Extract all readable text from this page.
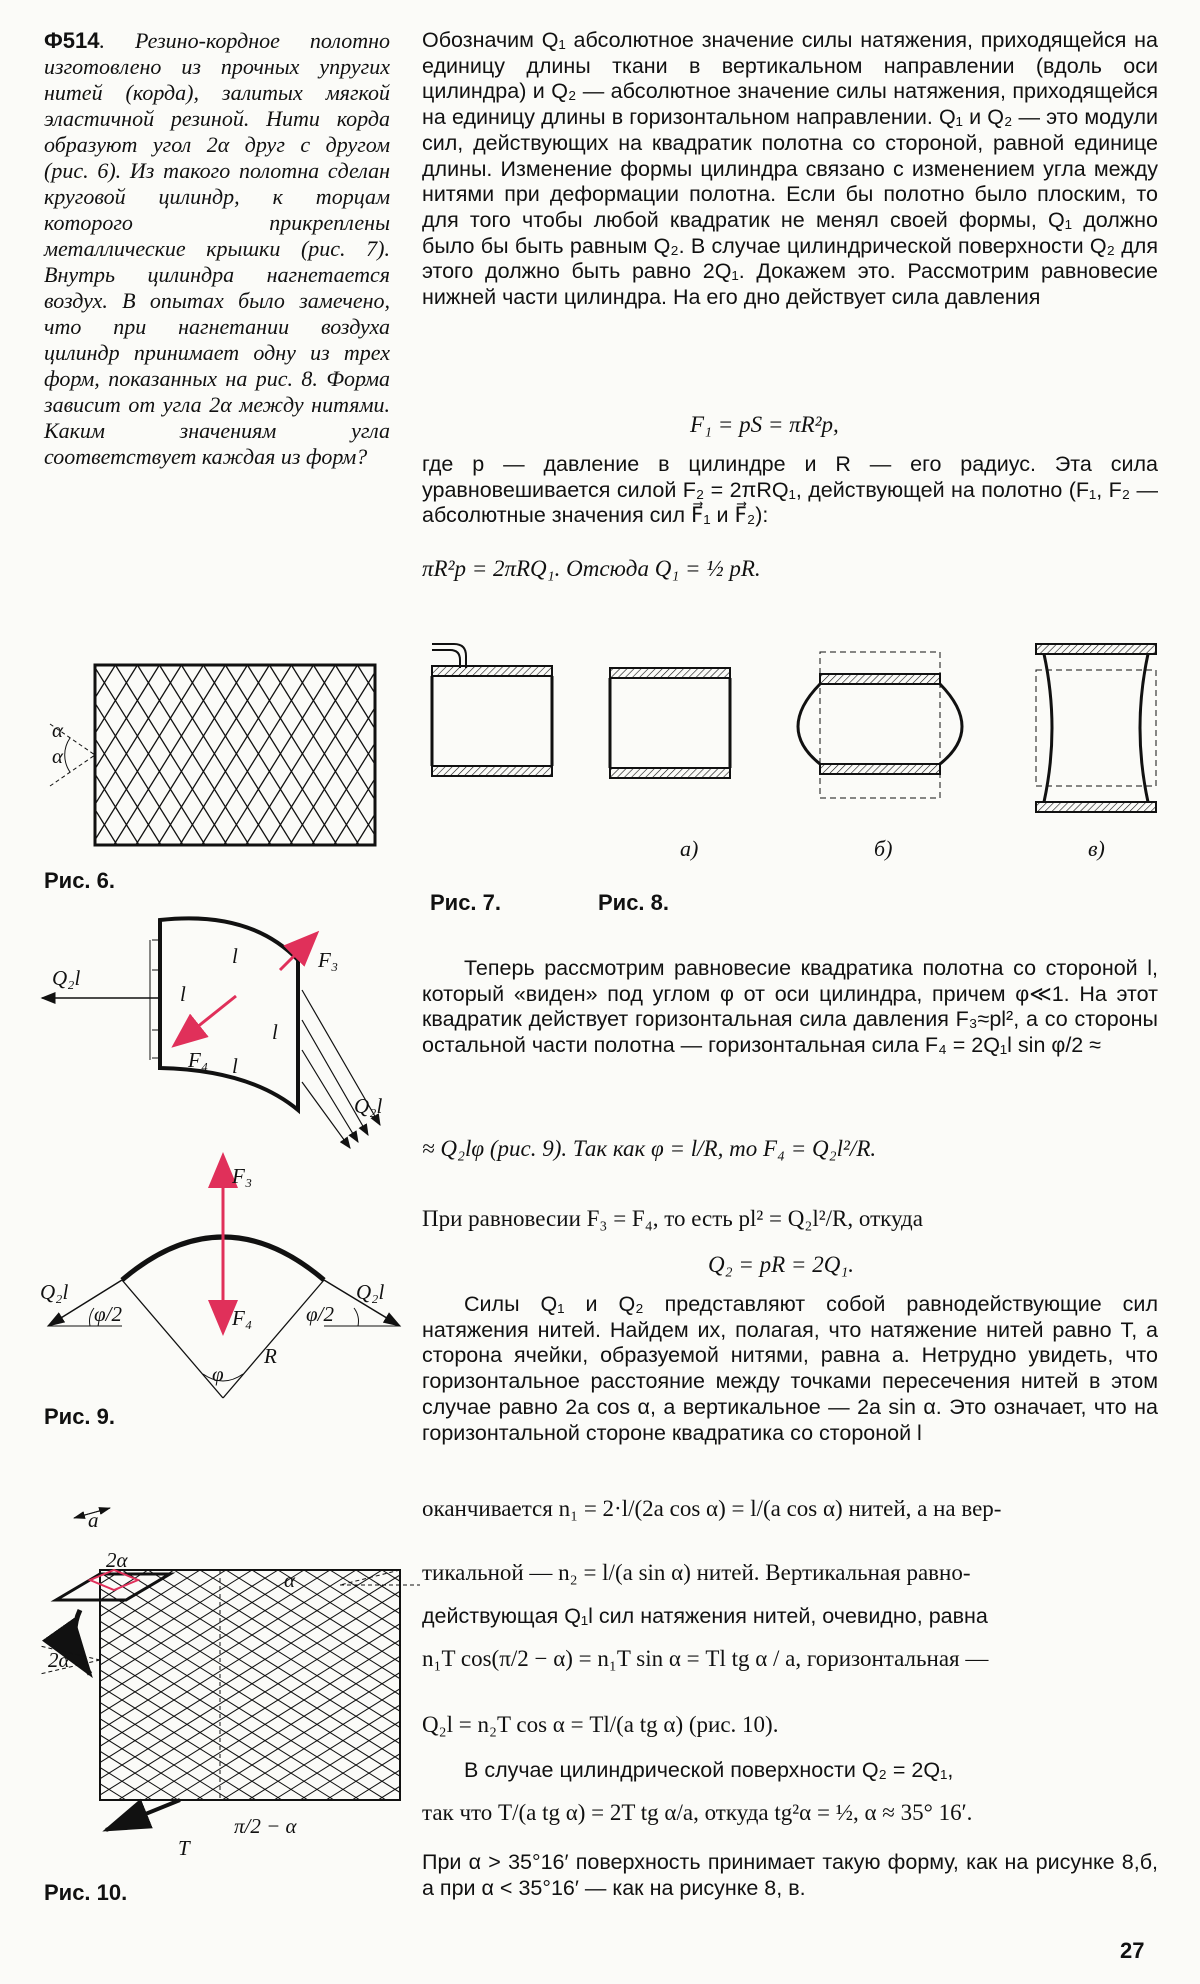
Ф514. Резино-кордное полотно изготовлено из прочных упругих нитей (корда), залитых мягкой эластичной резиной. Нити корда образуют угол 2α друг с другом (рис. 6). Из такого полотна сделан круговой цилиндр, к торцам которого прикреплены металлические крышки (рис. 7). Внутрь цилиндра нагнетается воздух. В опытах было замечено, что при нагнетании воздуха цилиндр принимает одну из трех форм, показанных на рис. 8. Форма зависит от угла 2α между нитями. Каким значениям угла соответствует каждая из форм?

Обозначим Q₁ абсолютное значение силы натяжения, приходящейся на единицу длины ткани в вертикальном направлении (вдоль оси цилиндра) и Q₂ — абсолютное значение силы натяжения, приходящейся на единицу длины в горизонтальном направлении. Q₁ и Q₂ — это модули сил, действующих на квадратик полотна со стороной, равной единице длины. Изменение формы цилиндра связано с изменением угла между нитями при деформации полотна. Если бы полотно было плоским, то для того чтобы любой квадратик не менял своей формы, Q₁ должно было бы быть равным Q₂. В случае цилиндрической поверхности Q₂ для этого должно быть равно 2Q₁. Докажем это. Рассмотрим равновесие нижней части цилиндра. На его дно действует сила давления

F₁ = pS = πR²p,

где p — давление в цилиндре и R — его радиус. Эта сила уравновешивается силой F₂ = 2πRQ₁, действующей на полотно (F₁, F₂ — абсолютные значения сил F⃗₁ и F⃗₂):

πR²p = 2πRQ₁. Отсюда Q₁ = ½ pR.
α
α
Рис. 6.
а)	б)	в)
Рис. 7.	Рис. 8.
Q₂l
l
l
l
l
F₃
F₄
Q₂l
F₃
F₄
Q₂l	Q₂l
φ/2	φ/2
φ
R
Рис. 9.
a
2α
α
2α
T
π/2 − α
Рис. 10.

Теперь рассмотрим равновесие квадратика полотна со стороной l, который «виден» под углом φ от оси цилиндра, причем φ≪1. На этот квадратик действует горизонтальная сила давления F₃≈pl², а со стороны остальной части полотна — горизонтальная сила F₄ = 2Q₁l sin φ/2 ≈

≈ Q₂lφ (рис. 9). Так как φ = l/R, то F₄ = Q₂l²/R.
При равновесии F₃ = F₄, то есть pl² = Q₂l²/R, откуда
Q₂ = pR = 2Q₁.

Силы Q₁ и Q₂ представляют собой равнодействующие сил натяжения нитей. Найдем их, полагая, что натяжение нитей равно T, а сторона ячейки, образуемой нитями, равна a. Нетрудно увидеть, что горизонтальное расстояние между точками пересечения нитей в этом случае равно 2a cos α, а вертикальное — 2a sin α. Это означает, что на горизонтальной стороне квадратика со стороной l

оканчивается n₁ = 2·l/(2a cos α) = l/(a cos α) нитей, а на вер-
тикальной — n₂ = l/(a sin α) нитей. Вертикальная равно-

действующая Q₁l сил натяжения нитей, очевидно, равна

n₁T cos(π/2 − α) = n₁T sin α = Tl tg α / a, горизонтальная —
Q₂l = n₂T cos α = Tl/(a tg α) (рис. 10).

В случае цилиндрической поверхности Q₂ = 2Q₁,

так что T/(a tg α) = 2T tg α/a, откуда tg²α = ½, α ≈ 35° 16′.

При α > 35°16′ поверхность принимает такую форму, как на рисунке 8,б, а при α < 35°16′ — как на рисунке 8, в.

27
